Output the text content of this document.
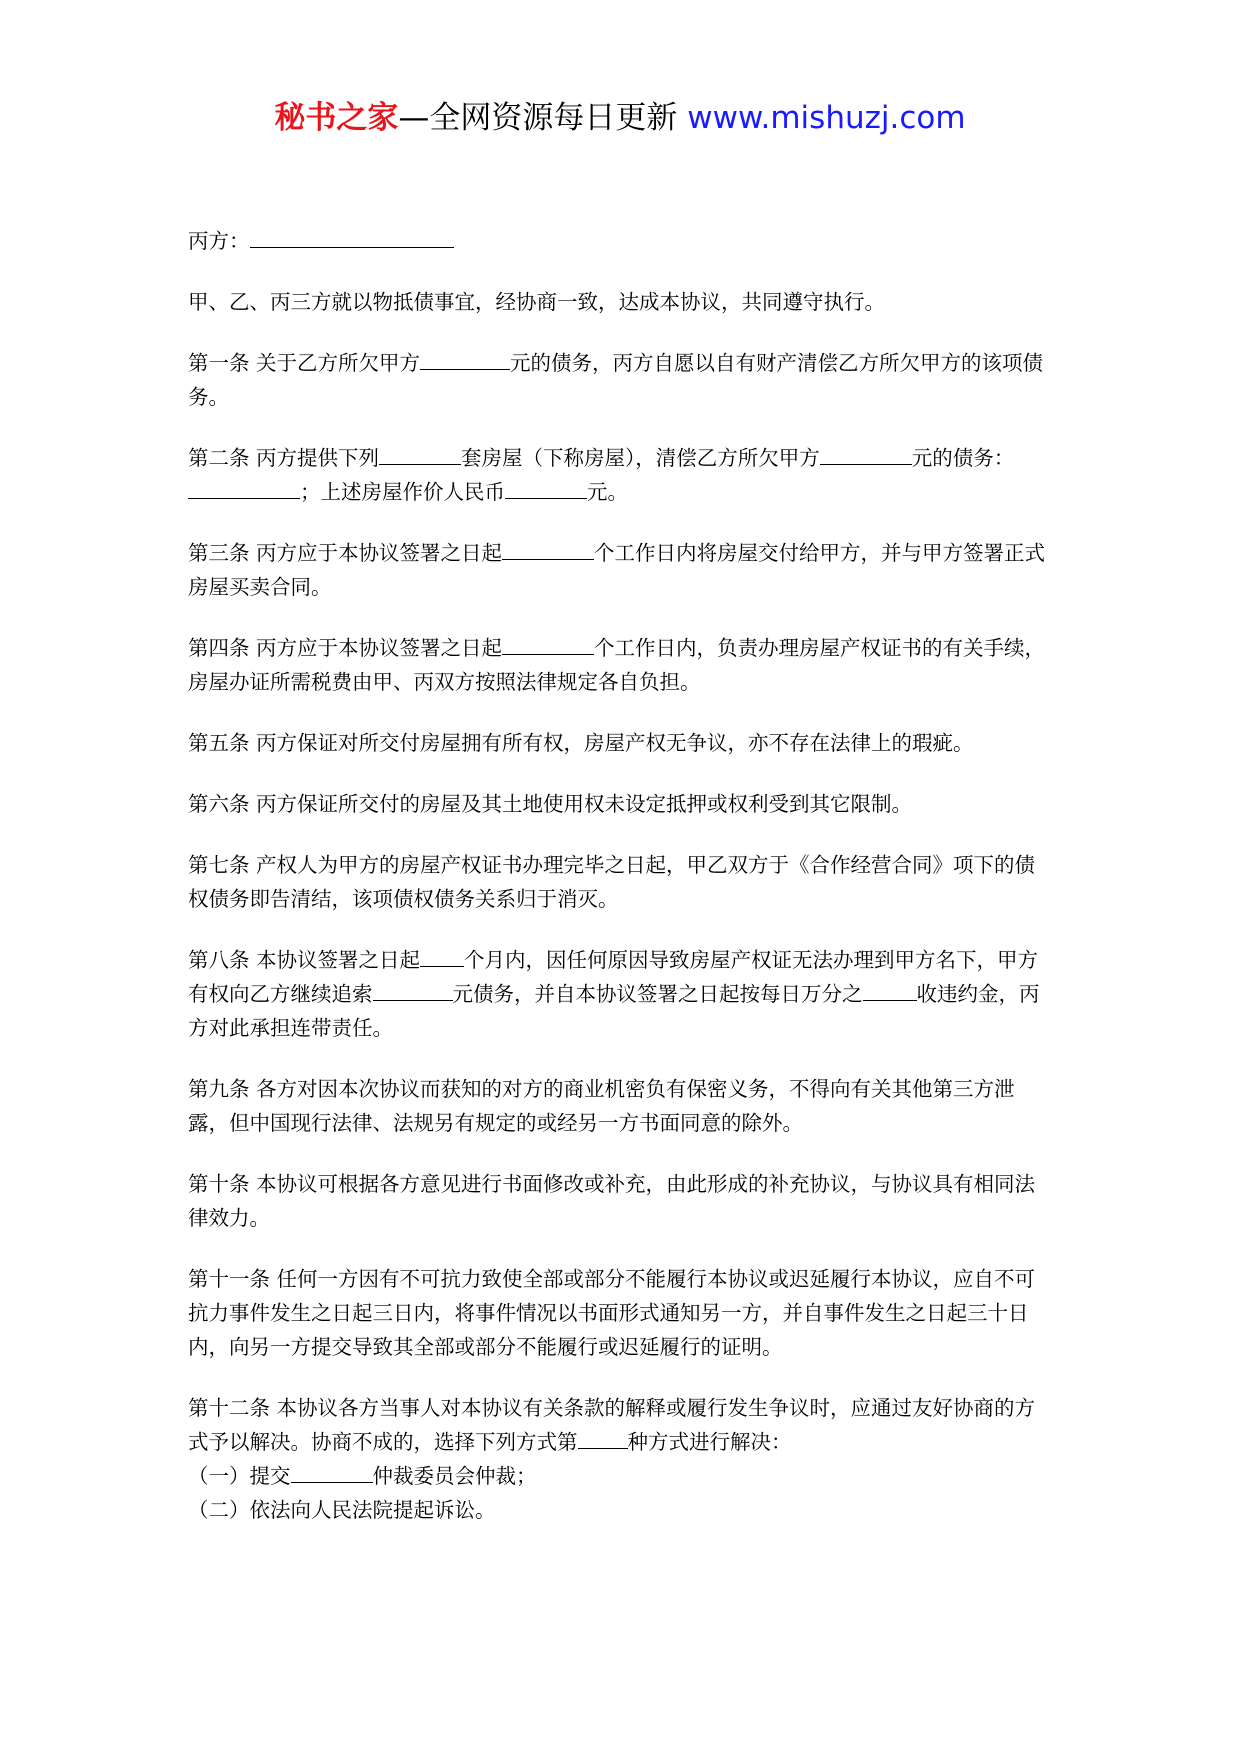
秘书之家—全网资源每日更新 www.mishuzj.com

丙方：

甲、乙、丙三方就以物抵债事宜，经协商一致，达成本协议，共同遵守执行。

第一条 关于乙方所欠甲方	元的债务，丙方自愿以自有财产清偿乙方所欠甲方的该项债务。

第二条 丙方提供下列	套房屋（下称房屋），清偿乙方所欠甲方	元的债务：；上述房屋作价人民币	元。

第三条 丙方应于本协议签署之日起	个工作日内将房屋交付给甲方，并与甲方签署正式房屋买卖合同。

第四条 丙方应于本协议签署之日起	个工作日内，负责办理房屋产权证书的有关手续，房屋办证所需税费由甲、丙双方按照法律规定各自负担。

第五条 丙方保证对所交付房屋拥有所有权，房屋产权无争议，亦不存在法律上的瑕疵。

第六条 丙方保证所交付的房屋及其土地使用权未设定抵押或权利受到其它限制。

第七条 产权人为甲方的房屋产权证书办理完毕之日起，甲乙双方于《合作经营合同》项下的债权债务即告清结，该项债权债务关系归于消灭。

第八条 本协议签署之日起 个月内，因任何原因导致房屋产权证无法办理到甲方名下，甲方有权向乙方继续追索	元债务，并自本协议签署之日起按每日万分之	收违约金，丙方对此承担连带责任。

第九条 各方对因本次协议而获知的对方的商业机密负有保密义务，不得向有关其他第三方泄露，但中国现行法律、法规另有规定的或经另一方书面同意的除外。

第十条 本协议可根据各方意见进行书面修改或补充，由此形成的补充协议，与协议具有相同法律效力。

第十一条 任何一方因有不可抗力致使全部或部分不能履行本协议或迟延履行本协议，应自不可抗力事件发生之日起三日内，将事件情况以书面形式通知另一方，并自事件发生之日起三十日内，向另一方提交导致其全部或部分不能履行或迟延履行的证明。

第十二条 本协议各方当事人对本协议有关条款的解释或履行发生争议时，应通过友好协商的方式予以解决。协商不成的，选择下列方式第 种方式进行解决：

（一）提交	仲裁委员会仲裁；

（二）依法向人民法院提起诉讼。
